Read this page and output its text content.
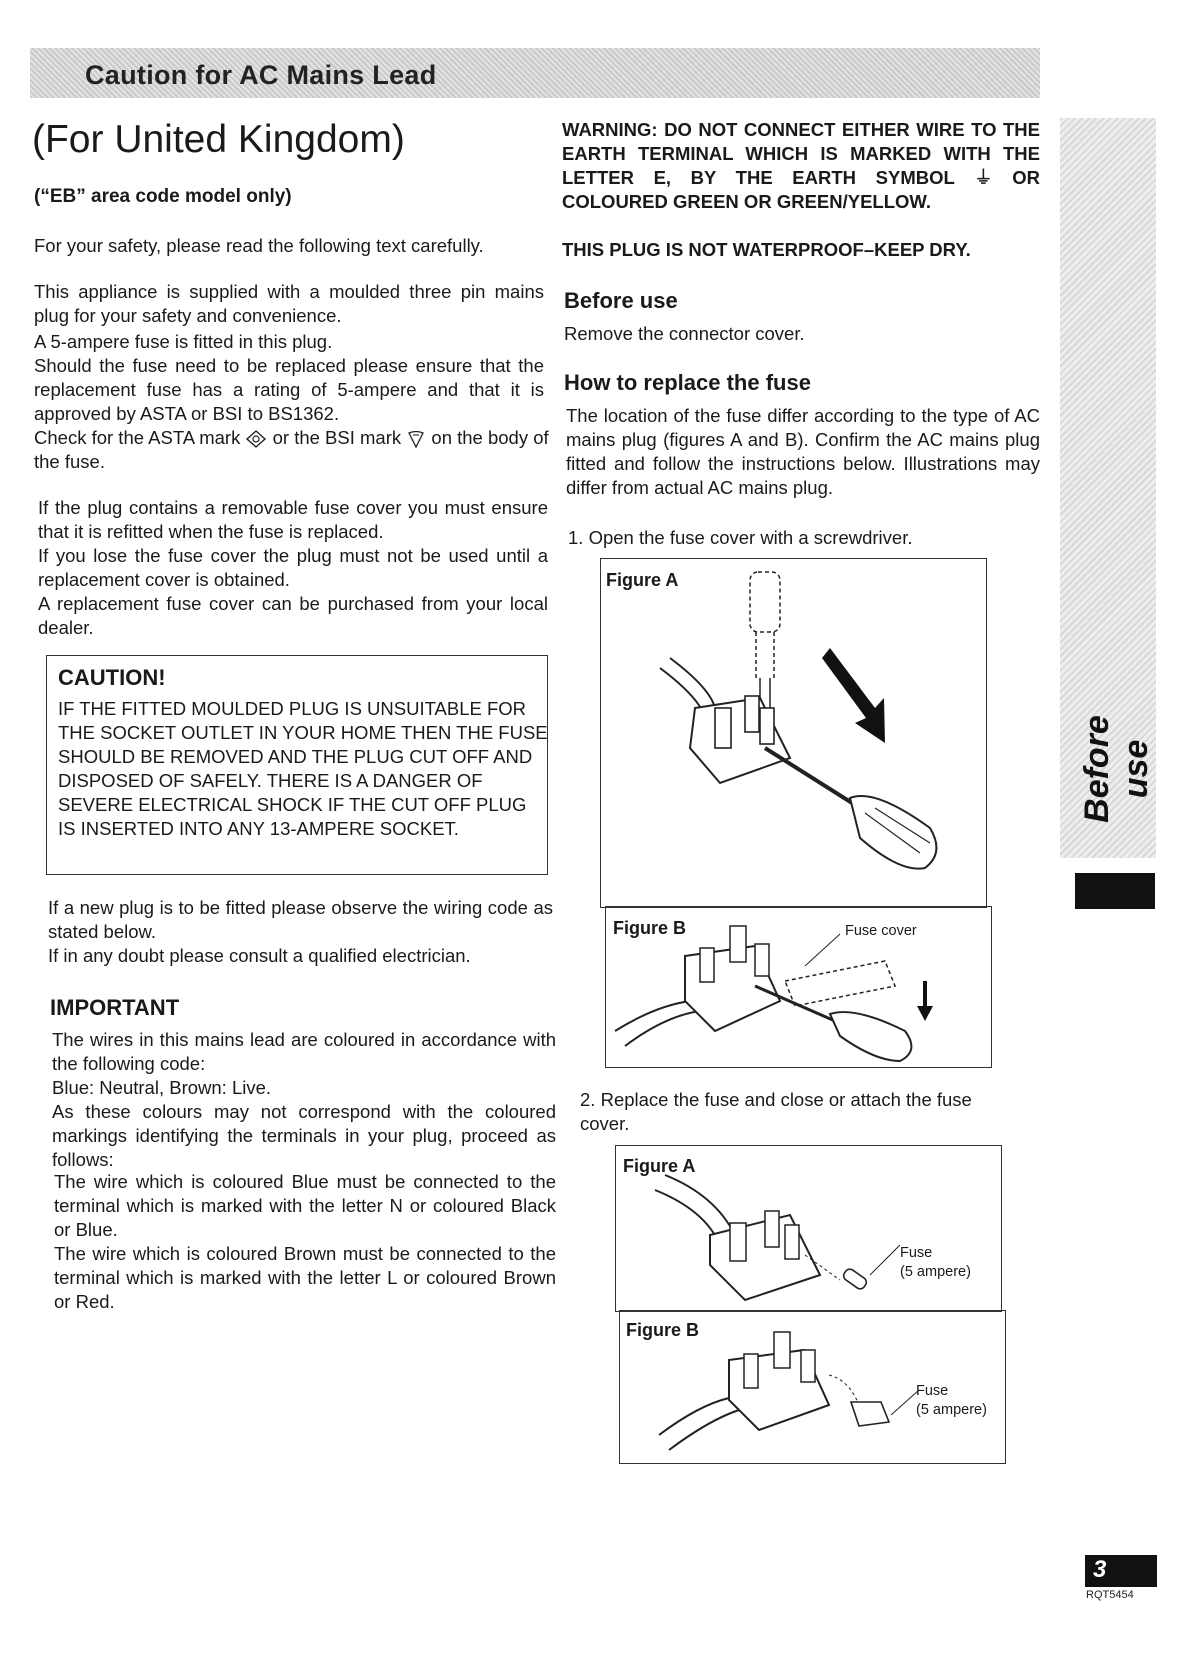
Caution for AC Mains Lead
(For United Kingdom)
(“EB” area code model only)
For your safety, please read the following text carefully.
This appliance is supplied with a moulded three pin mains plug for your safety and convenience.
A 5-ampere fuse is fitted in this plug.
Should the fuse need to be replaced please ensure that the replacement fuse has a rating of 5-ampere and that it is approved by ASTA or BSI to BS1362.
Check for the ASTA mark or the BSI mark on the body of the fuse.
If the plug contains a removable fuse cover you must ensure that it is refitted when the fuse is replaced.
If you lose the fuse cover the plug must not be used until a replacement cover is obtained.
A replacement fuse cover can be purchased from your local dealer.
CAUTION!
IF THE FITTED MOULDED PLUG IS UNSUITABLE FOR THE SOCKET OUTLET IN YOUR HOME THEN THE FUSE SHOULD BE REMOVED AND THE PLUG CUT OFF AND DISPOSED OF SAFELY. THERE IS A DANGER OF SEVERE ELECTRICAL SHOCK IF THE CUT OFF PLUG IS INSERTED INTO ANY 13-AMPERE SOCKET.
If a new plug is to be fitted please observe the wiring code as stated below.
If in any doubt please consult a qualified electrician.
IMPORTANT
The wires in this mains lead are coloured in accordance with the following code:
Blue: Neutral, Brown: Live.
As these colours may not correspond with the coloured markings identifying the terminals in your plug, proceed as follows:
The wire which is coloured Blue must be connected to the terminal which is marked with the letter N or coloured Black or Blue.
The wire which is coloured Brown must be connected to the terminal which is marked with the letter L or coloured Brown or Red.
WARNING: DO NOT CONNECT EITHER WIRE TO THE EARTH TERMINAL WHICH IS MARKED WITH THE LETTER E, BY THE EARTH SYMBOL ⏚ OR COLOURED GREEN OR GREEN/YELLOW.
THIS PLUG IS NOT WATERPROOF–KEEP DRY.
Before use
Remove the connector cover.
How to replace the fuse
The location of the fuse differ according to the type of AC mains plug (figures A and B). Confirm the AC mains plug fitted and follow the instructions below. Illustrations may differ from actual AC mains plug.
1. Open the fuse cover with a screwdriver.
Figure A
Figure B	Fuse cover
2. Replace the fuse and close or attach the fuse cover.
Figure A
Fuse
(5 ampere)
Figure B
Fuse
(5 ampere)
Before use
3
RQT5454
